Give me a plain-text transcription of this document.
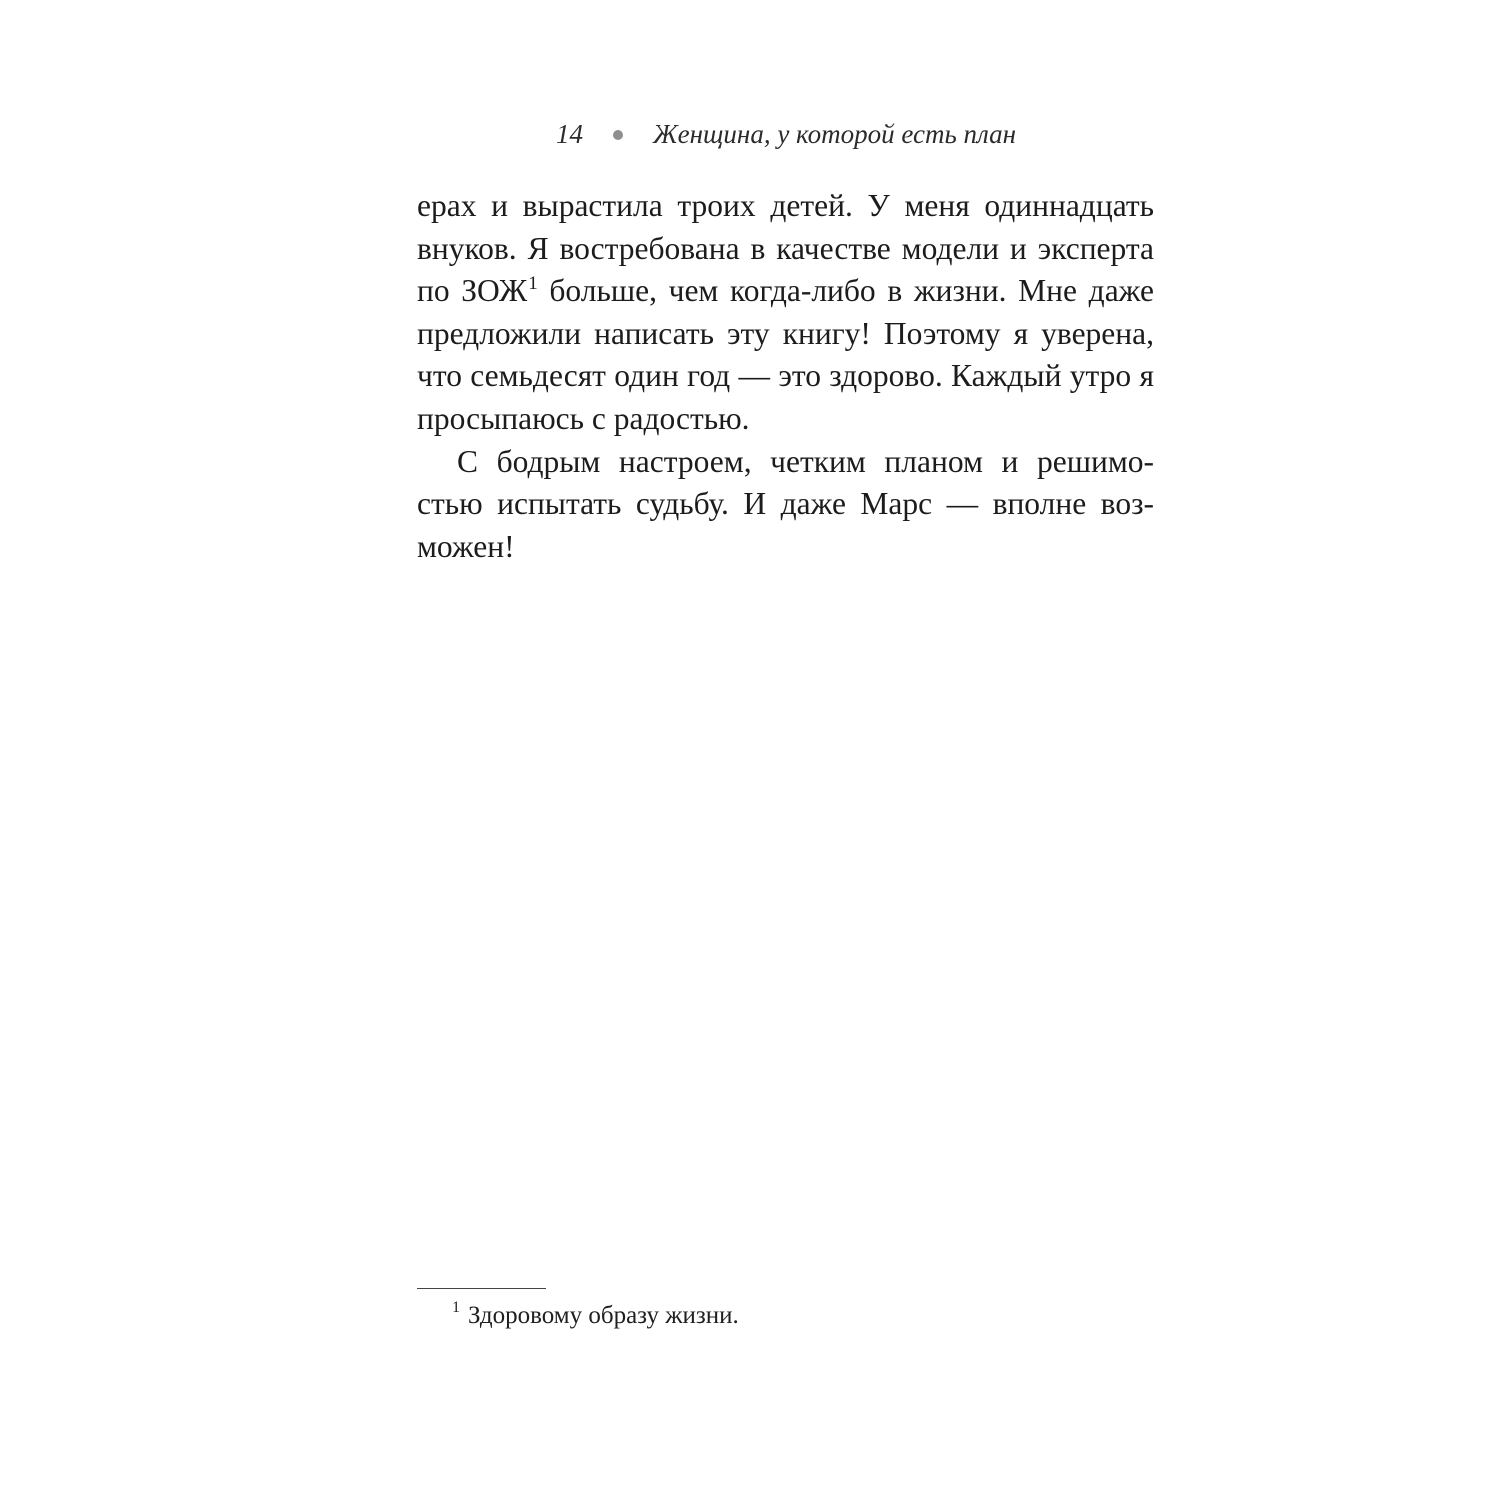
14	Женщина, у которой есть план

ерах и вырастила троих детей. У меня одиннадцать внуков. Я востребована в качестве модели и эксперта по ЗОЖ$^1$ больше, чем когда-либо в жизни. Мне даже предложили написать эту книгу! Поэтому я уверена, что семьдесят один год — это здорово. Каждый утро я просыпаюсь с радостью.

С бодрым настроем, четким планом и решимо-стью испытать судьбу. И даже Марс — вполне воз-можен!

$^1$ Здоровому образу жизни.
